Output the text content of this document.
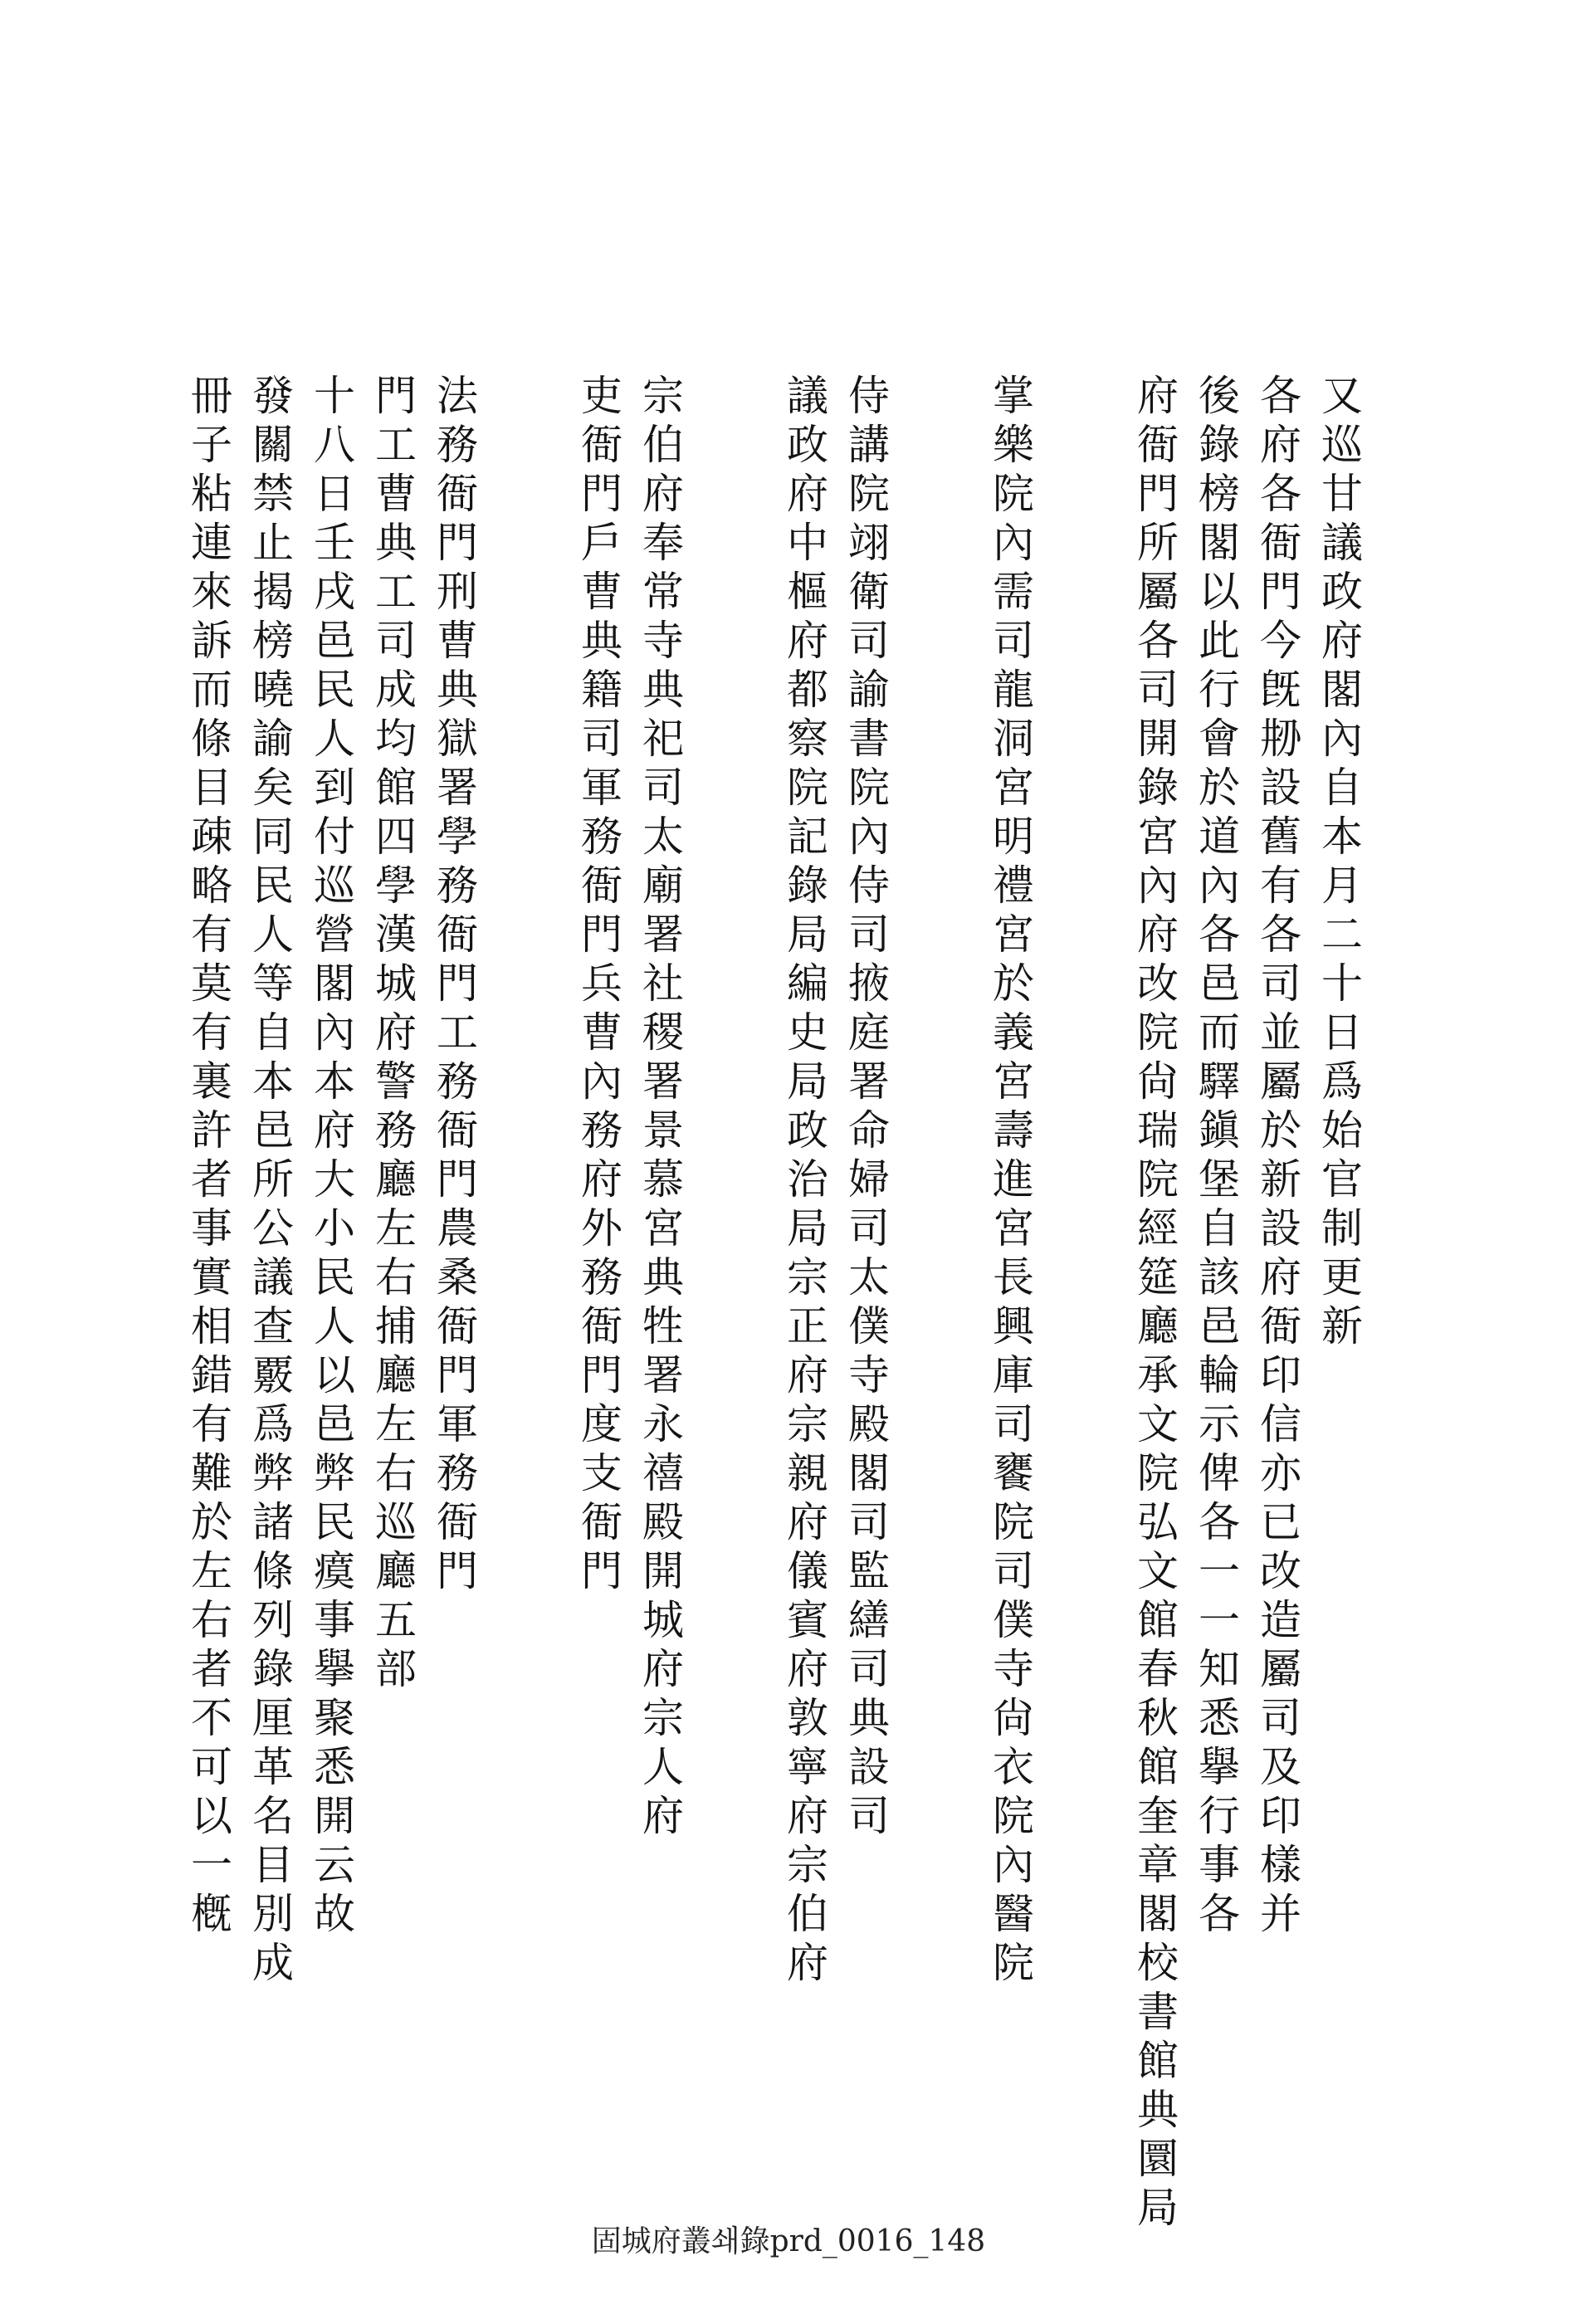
又巡甘議政府閣內自本月二十日爲始官制更新
各府各衙門今旣刱設舊有各司並屬於新設府衙印信亦已改造屬司及印樣并
後錄榜閣以此行會於道內各邑而驛鎭堡自該邑輪示俾各一一知悉擧行事各
府衙門所屬各司開錄宮內府改院尙瑞院經筵廳承文院弘文館春秋館奎章閣校書館典圜局
掌樂院內需司龍洞宮明禮宮於義宮壽進宮長興庫司饔院司僕寺尙衣院內醫院
侍講院翊衛司諭書院內侍司掖庭署命婦司太僕寺殿閣司監繕司典設司
議政府中樞府都察院記錄局編史局政治局宗正府宗親府儀賓府敦寧府宗伯府
宗伯府奉常寺典祀司太廟署社稷署景慕宮典牲署永禧殿開城府宗人府
吏衙門戶曹典籍司軍務衙門兵曹內務府外務衙門度支衙門
法務衙門刑曹典獄署學務衙門工務衙門農桑衙門軍務衙門
門工曹典工司成均館四學漢城府警務廳左右捕廳左右巡廳五部
十八日壬戌邑民人到付巡營閣內本府大小民人以邑弊民瘼事擧聚悉開云故
發關禁止揭榜曉諭矣同民人等自本邑所公議查覈爲弊諸條列錄厘革名目別成
冊子粘連來訴而條目疎略有莫有裏許者事實相錯有難於左右者不可以一槪
固城府叢쇄錄prd_0016_148
